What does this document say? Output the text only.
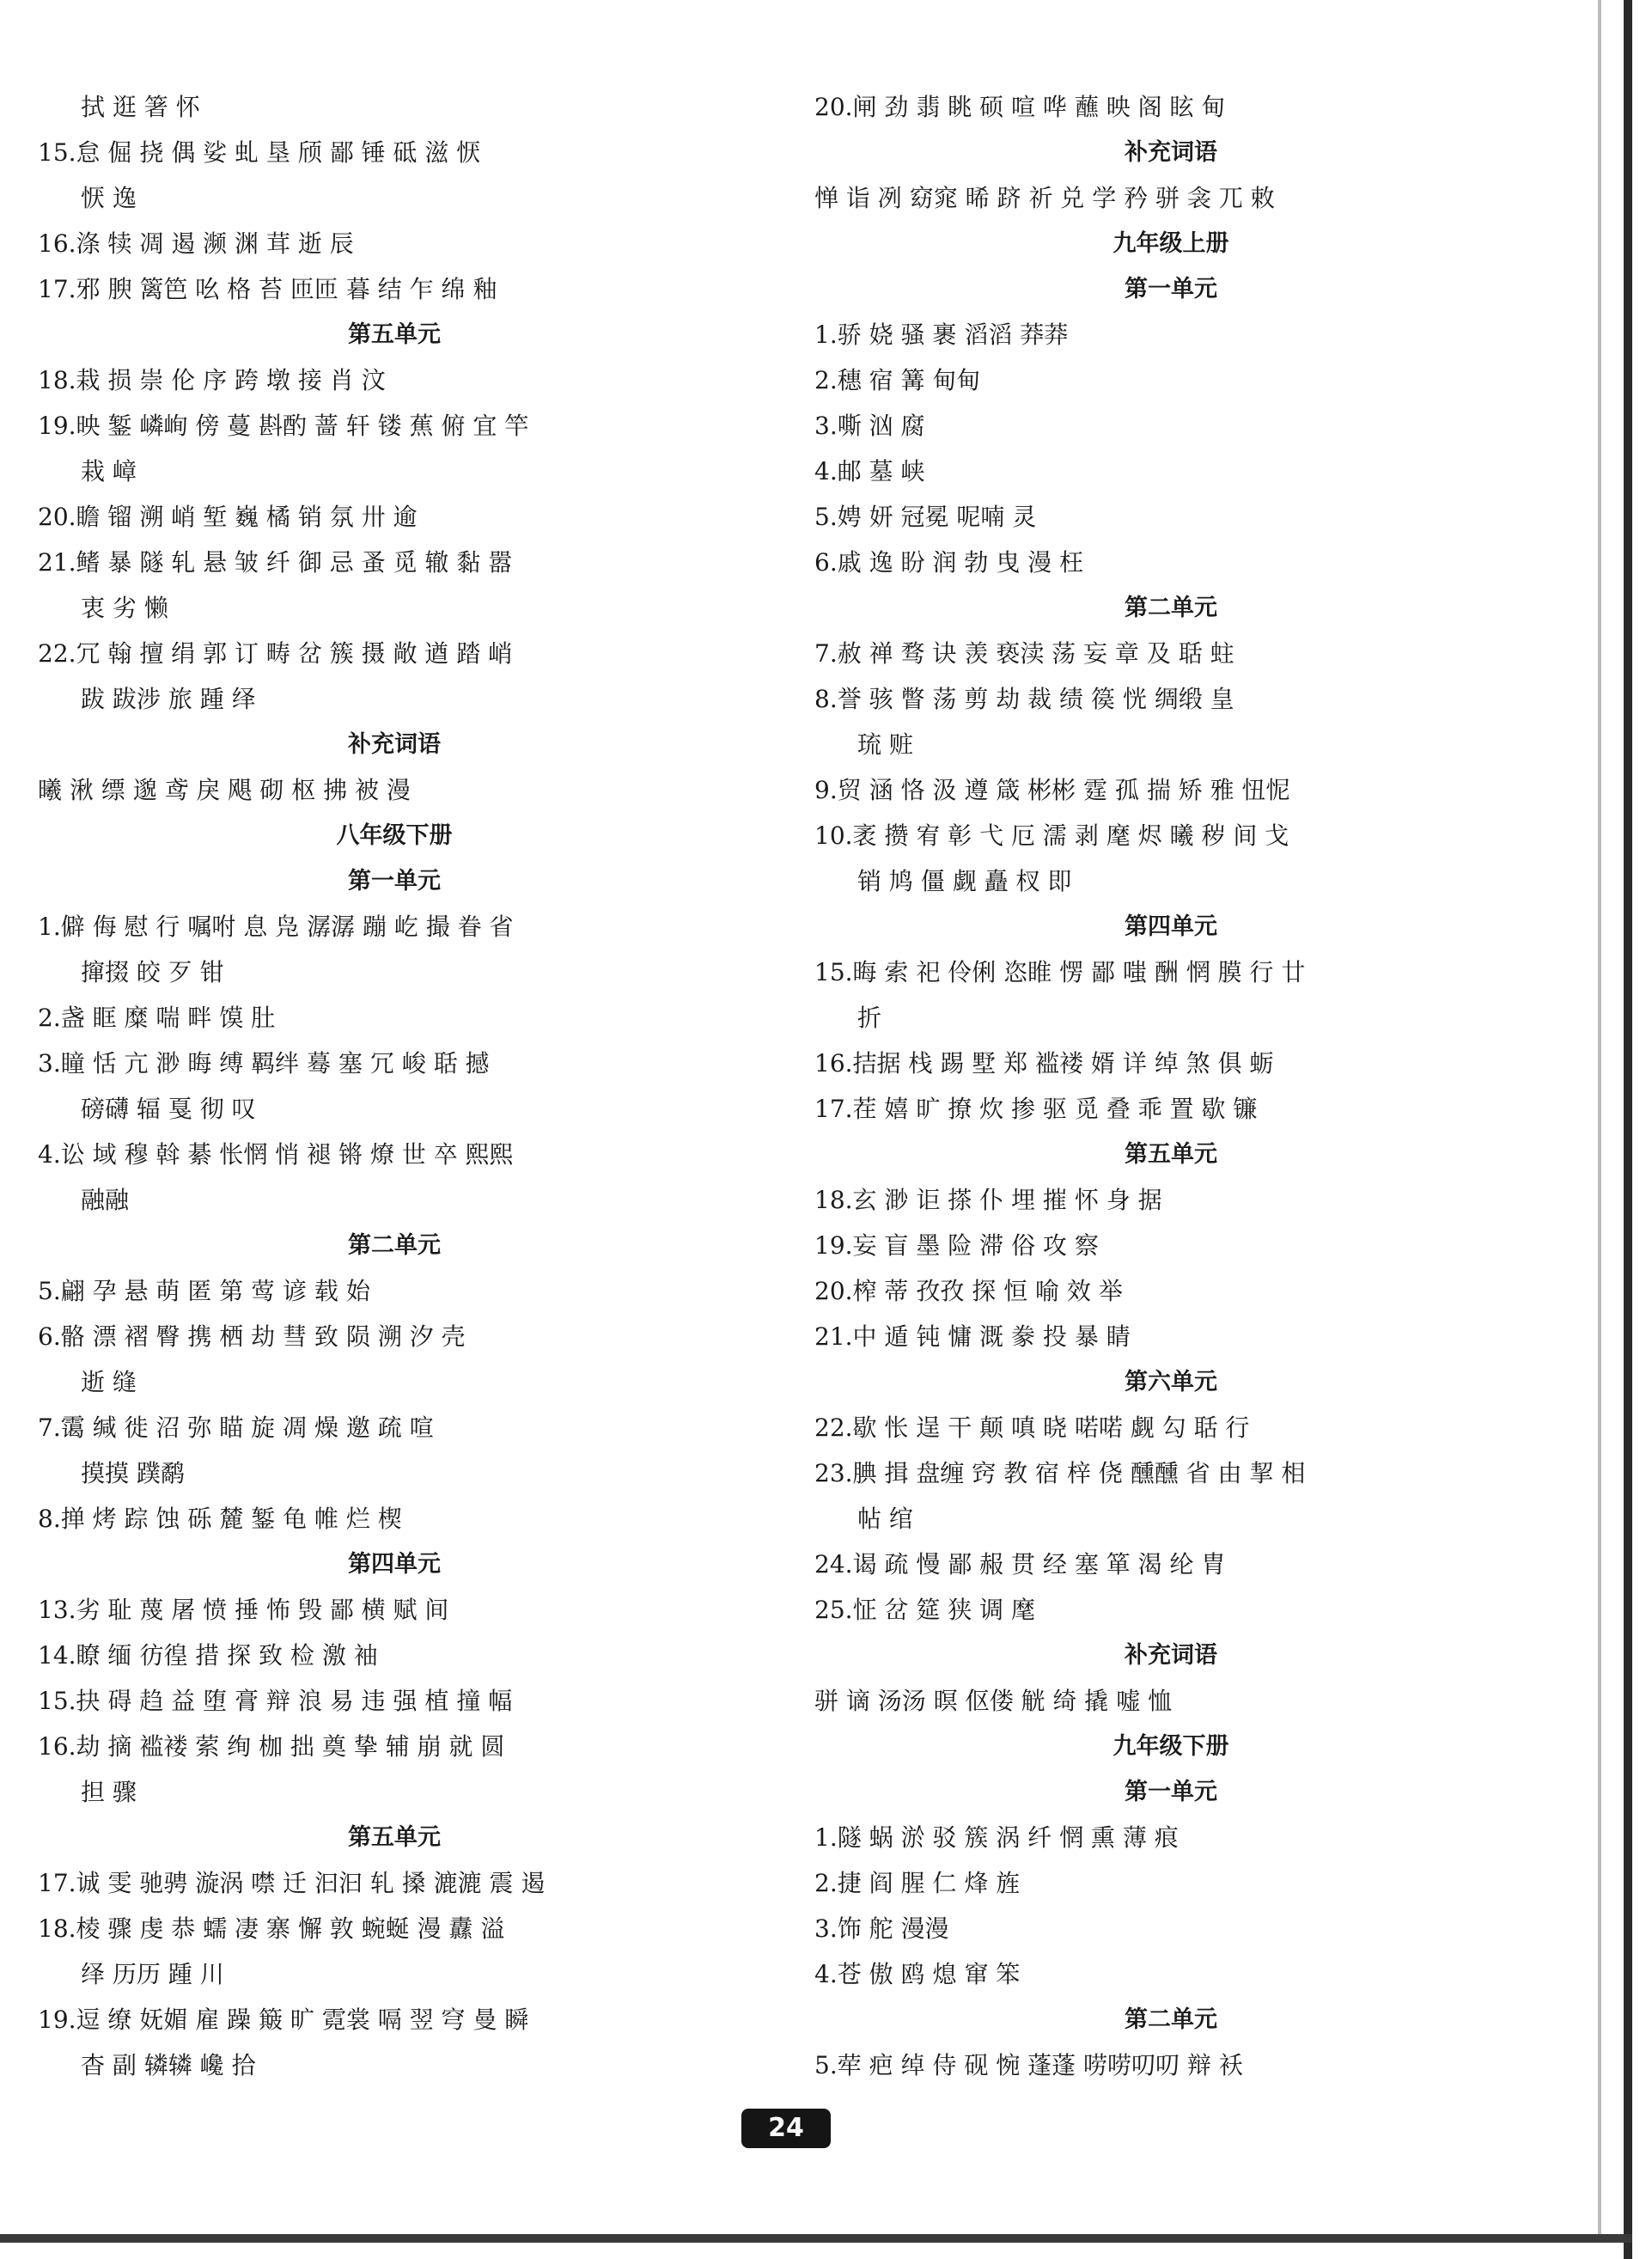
拭 逛 箸 怀
15.怠 倔 挠 偶 娑 虬 垦 颀 鄙 锤 砥 滋 恹
恹 逸
16.涤 犊 凋 遏 濒 渊 茸 逝 辰
17.邪 腴 篱笆 吆 格 苔 匝匝 暮 结 乍 绵 釉
第五单元
18.栽 损 崇 伦 序 跨 墩 接 肖 汶
19.映 錾 嶙峋 傍 蔓 斟酌 蔷 轩 镂 蕉 俯 宜 竿
栽 嶂
20.瞻 镏 溯 峭 堑 巍 橘 销 氛 卅 逾
21.鳍 暴 隧 轧 悬 皱 纤 御 忌 蚤 觅 辙 黏 嚣
衷 劣 懒
22.冗 翰 擅 绢 郭 订 畴 岔 簇 摄 敞 遒 踏 峭
跋 跋涉 旅 踵 绎
补充词语
曦 湫 缥 邈 鸢 戾 飓 砌 枢 拂 被 漫
八年级下册
第一单元
1.僻 侮 慰 行 嘱咐 息 凫 潺潺 蹦 屹 撮 眷 省
撺掇 皎 歹 钳
2.盏 眶 糜 喘 畔 馍 肚
3.瞳 恬 亢 渺 晦 缚 羁绊 蓦 塞 冗 峻 聒 撼
磅礴 辐 戛 彻 叹
4.讼 域 穆 斡 綦 怅惘 悄 褪 锵 燎 世 卒 熙熙
融融
第二单元
5.翩 孕 悬 萌 匿 第 莺 谚 载 始
6.骼 漂 褶 臀 携 栖 劫 彗 致 陨 溯 汐 壳
逝 缝
7.霭 缄 徙 沼 弥 瞄 旋 凋 燥 邀 疏 喧
摸摸 蹼鹬
8.掸 烤 踪 蚀 砾 麓 錾 龟 帷 烂 楔
第四单元
13.劣 耻 蔑 屠 愤 捶 怖 毁 鄙 横 赋 间
14.瞭 缅 彷徨 措 探 致 检 激 袖
15.抉 碍 趋 益 堕 膏 辩 浪 易 违 强 植 撞 幅
16.劫 摘 褴褛 萦 绚 枷 拙 奠 挚 辅 崩 就 圆
担 骤
第五单元
17.诚 雯 驰骋 漩涡 噤 迁 汩汩 轧 搡 漉漉 震 遏
18.棱 骤 虔 恭 蠕 凄 寨 懈 敦 蜿蜒 漫 纛 溢
绎 历历 踵 川
19.逗 缭 妩媚 雇 躁 簸 旷 霓裳 嗝 翌 穹 曼 瞬
杳 副 辚辚 巉 拾
20.闸 劲 翡 眺 硕 喧 哗 蘸 映 阁 眩 甸
补充词语
惮 诣 冽 窈窕 晞 跻 祈 兑 学 矜 骈 衾 兀 敕
九年级上册
第一单元
1.骄 娆 骚 裹 滔滔 莽莽
2.穗 宿 篝 甸甸
3.嘶 汹 腐
4.邮 墓 峡
5.娉 妍 冠冕 呢喃 灵
6.戚 逸 盼 润 勃 曳 漫 枉
第二单元
7.赦 禅 骛 诀 羡 亵渎 荡 妄 章 及 聒 蛀
8.誉 骇 瞥 荡 剪 劫 裁 绩 篌 恍 绸缎 皇
琉 赃
9.贸 涵 恪 汲 遵 箴 彬彬 霆 孤 揣 矫 雅 忸怩
10.袤 攒 宥 彰 弋 厄 濡 剥 麾 烬 曦 秽 间 戈
销 鸠 僵 觑 矗 杈 即
第四单元
15.晦 索 祀 伶俐 恣睢 愣 鄙 嗤 酬 惘 膜 行 廿
折
16.拮据 栈 踢 墅 郑 褴褛 婿 详 绰 煞 俱 蛎
17.茬 嬉 旷 撩 炊 掺 驱 觅 叠 乖 置 歇 镰
第五单元
18.玄 渺 讵 搽 仆 埋 摧 怀 身 据
19.妄 盲 墨 险 滞 俗 攻 察
20.榨 蒂 孜孜 探 恒 喻 效 举
21.中 遁 钝 慵 溉 豢 投 暴 睛
第六单元
22.歇 怅 逞 干 颠 嗔 晓 喏喏 觑 勾 聒 行
23.腆 揖 盘缠 窍 教 宿 梓 侥 醺醺 省 由 挈 相
帖 绾
24.谒 疏 慢 鄙 赧 贯 经 塞 箪 渴 纶 胄
25.怔 岔 筵 狭 调 麾
补充词语
骈 谪 汤汤 暝 伛偻 觥 绮 撬 嘘 恤
九年级下册
第一单元
1.隧 蜗 淤 驳 簇 涡 纤 惘 熏 薄 痕
2.捷 阎 腥 仁 烽 旌
3.饰 舵 漫漫
4.苍 傲 鸥 熄 窜 笨
第二单元
5.荦 疤 绰 侍 砚 惋 蓬蓬 唠唠叨叨 辩 袄
24
